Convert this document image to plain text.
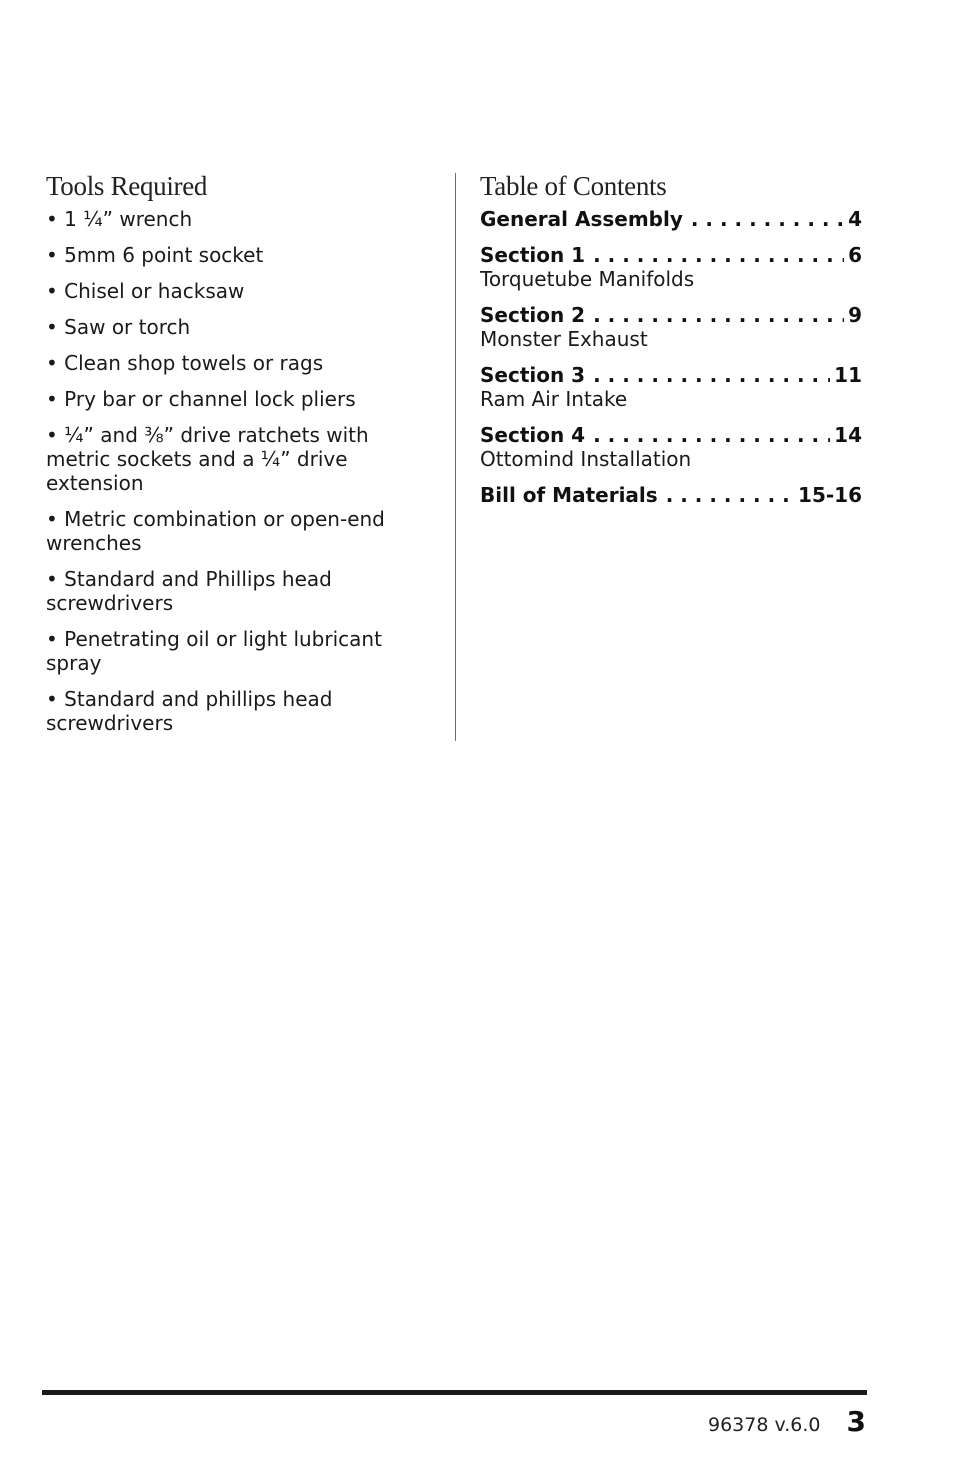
Tools Required
• 1 ¼” wrench
• 5mm 6 point socket
• Chisel or hacksaw
• Saw or torch
• Clean shop towels or rags
• Pry bar or channel lock pliers
• ¼” and ⅜” drive ratchets with metric sockets and a ¼” drive extension
• Metric combination or open-end wrenches
• Standard and Phillips head screwdrivers
• Penetrating oil or light lubricant spray
• Standard and phillips head screwdrivers
Table of Contents
General Assembly . . .	4
Section 1 . . .	6
Torquetube Manifolds
Section 2 . . .	9
Monster Exhaust
Section 3 . . .	11
Ram Air Intake
Section 4 . . .	14
Ottomind Installation
Bill of Materials . . .	15-16
96378 v.6.0 3
